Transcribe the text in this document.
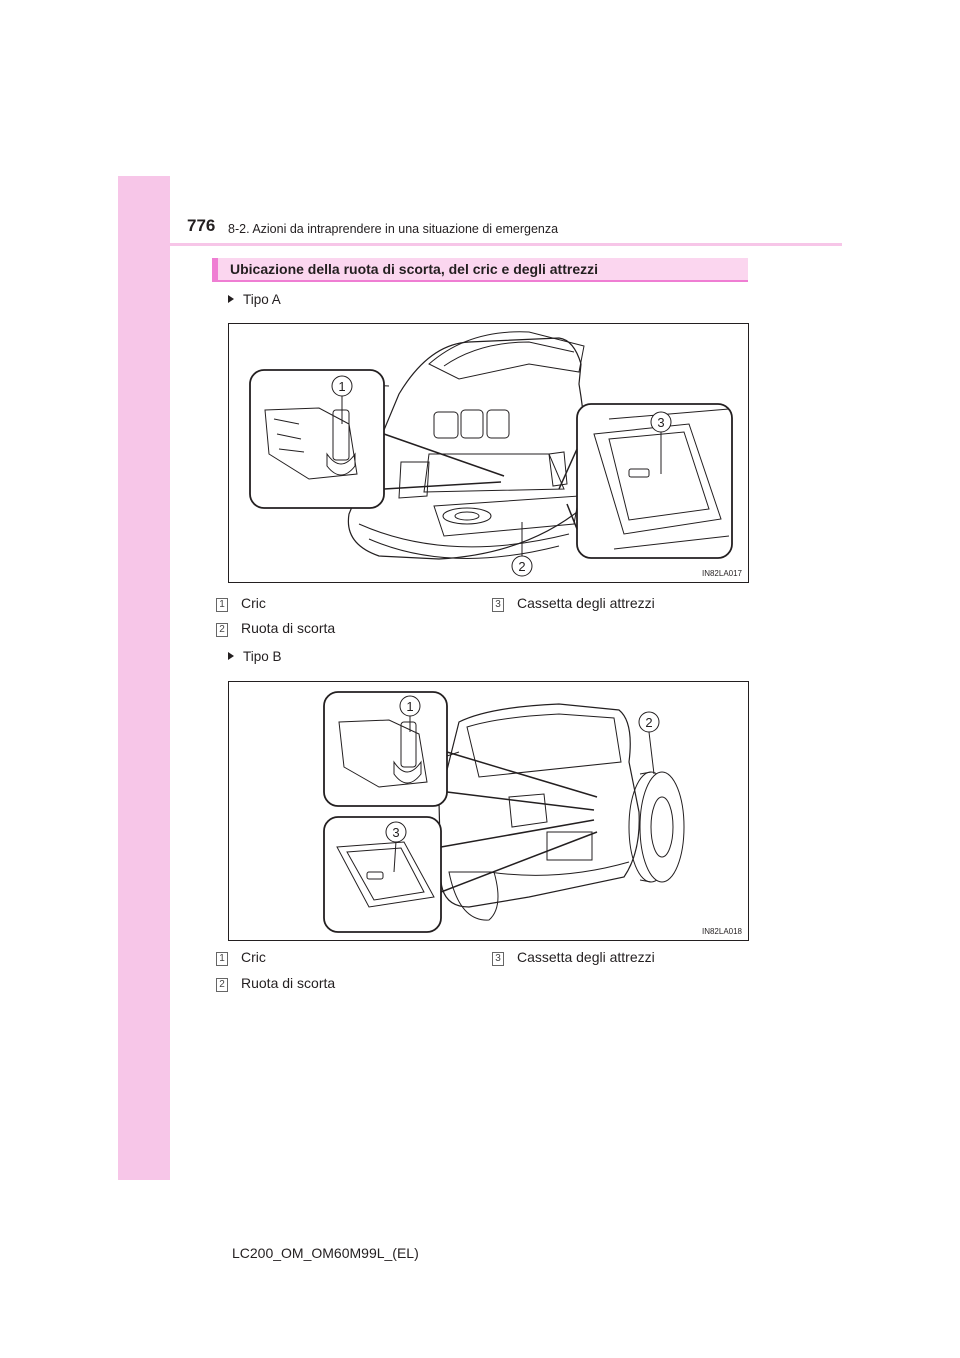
776 8-2. Azioni da intraprendere in una situazione di emergenza
Ubicazione della ruota di scorta, del cric e degli attrezzi
Tipo A
1
3
2	IN82LA017
1 Cric
2 Ruota di scorta
3 Cassetta degli attrezzi
Tipo B
1
2
3
IN82LA018
1 Cric
2 Ruota di scorta
3 Cassetta degli attrezzi
LC200_OM_OM60M99L_(EL)
